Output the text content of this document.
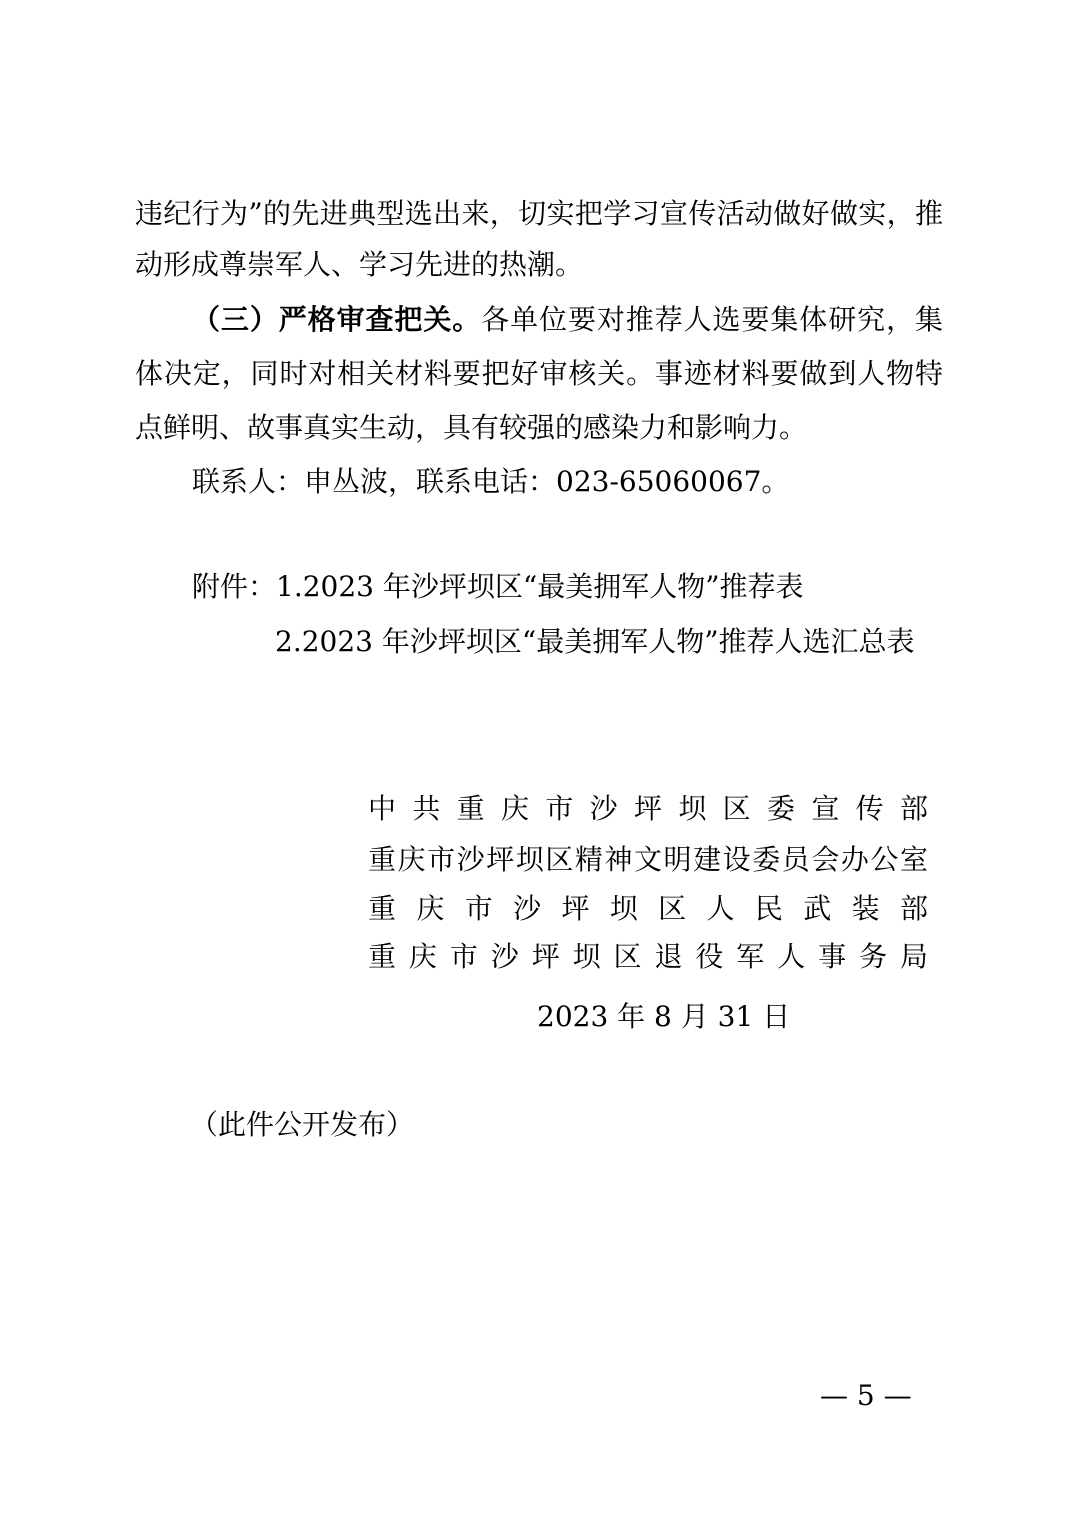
违纪行为”的先进典型选出来，切实把学习宣传活动做好做实，推

动形成尊崇军人、学习先进的热潮。

（三）严格审查把关。各单位要对推荐人选要集体研究，集

体决定，同时对相关材料要把好审核关。事迹材料要做到人物特

点鲜明、故事真实生动，具有较强的感染力和影响力。

联系人：申丛波，联系电话：023-65060067。

附件：1.2023 年沙坪坝区“最美拥军人物”推荐表

2.2023 年沙坪坝区“最美拥军人物”推荐人选汇总表

中共重庆市沙坪坝区委宣传部
重庆市沙坪坝区精神文明建设委员会办公室
重庆市沙坪坝区人民武装部
重庆市沙坪坝区退役军人事务局

2023 年 8 月 31 日

（此件公开发布）

— 5 —
